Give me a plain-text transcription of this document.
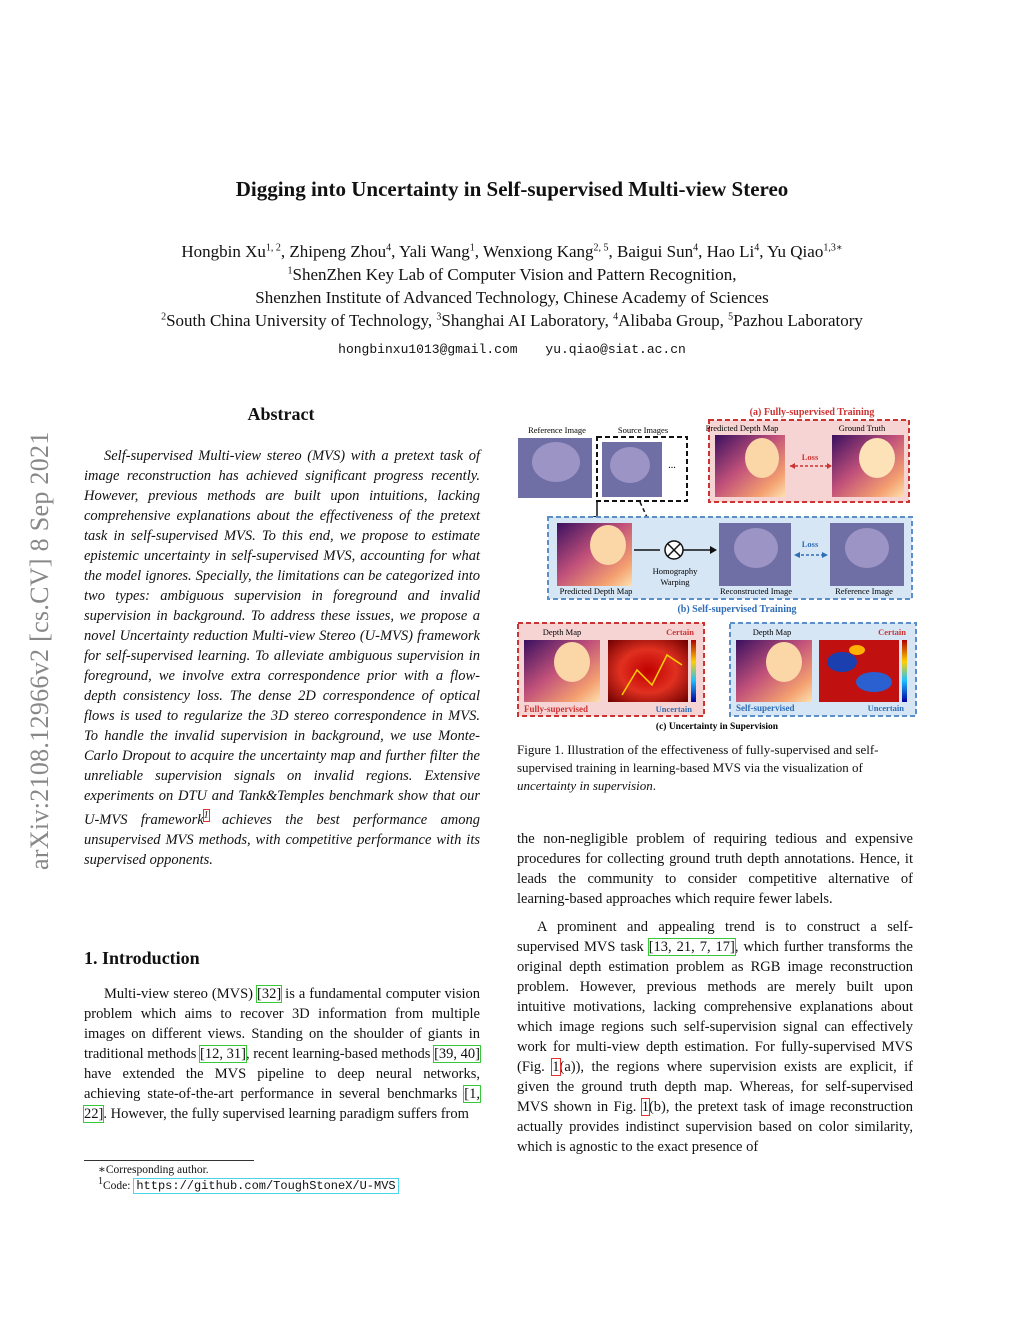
arXiv:2108.12966v2 [cs.CV] 8 Sep 2021
Digging into Uncertainty in Self-supervised Multi-view Stereo
Hongbin Xu$^{1, 2}$, Zhipeng Zhou$^4$, Yali Wang$^1$, Wenxiong Kang$^{2, 5}$, Baigui Sun$^4$, Hao Li$^4$, Yu Qiao$^{1,3∗}$
$^1$ShenZhen Key Lab of Computer Vision and Pattern Recognition,
Shenzhen Institute of Advanced Technology, Chinese Academy of Sciences
$^2$South China University of Technology, $^3$Shanghai AI Laboratory, $^4$Alibaba Group, $^5$Pazhou Laboratory
hongbinxu1013@gmail.com yu.qiao@siat.ac.cn
Abstract

Self-supervised Multi-view stereo (MVS) with a pretext task of image reconstruction has achieved significant progress recently. However, previous methods are built upon intuitions, lacking comprehensive explanations about the effectiveness of the pretext task in self-supervised MVS. To this end, we propose to estimate epistemic uncertainty in self-supervised MVS, accounting for what the model ignores. Specially, the limitations can be categorized into two types: ambiguous supervision in foreground and invalid supervision in background. To address these issues, we propose a novel Uncertainty reduction Multi-view Stereo (U-MVS) framework for self-supervised learning. To alleviate ambiguous supervision in foreground, we involve extra correspondence prior with a flow-depth consistency loss. The dense 2D correspondence of optical flows is used to regularize the 3D stereo correspondence in MVS. To handle the invalid supervision in background, we use Monte-Carlo Dropout to acquire the uncertainty map and further filter the unreliable supervision signals on invalid regions. Extensive experiments on DTU and Tank&Temples benchmark show that our U-MVS framework$^1$ achieves the best performance among unsupervised MVS methods, with competitive performance with its supervised opponents.

1. Introduction

Multi-view stereo (MVS) [32] is a fundamental computer vision problem which aims to recover 3D information from multiple images on different views. Standing on the shoulder of giants in traditional methods [12, 31], recent learning-based methods [39, 40] have extended the MVS pipeline to deep neural networks, achieving state-of-the-art performance in several benchmarks [1, 22]. However, the fully supervised learning paradigm suffers from

∗Corresponding author.
$^1$Code: https://github.com/ToughStoneX/U-MVS
(a) Fully-supervised Training
Predicted Depth Map	Ground Truth
Loss
Reference Image	Source Images
...
Predicted Depth Map
Homography
Warping
Reconstructed Image
Loss
Reference Image
(b) Self-supervised Training
Depth Map	Certain
Fully-supervised	Uncertain
Depth Map	Certain
Self-supervised	Uncertain
(c) Uncertainty in Supervision
Figure 1. Illustration of the effectiveness of fully-supervised and self-supervised training in learning-based MVS via the visualization of uncertainty in supervision.

the non-negligible problem of requiring tedious and expensive procedures for collecting ground truth depth annotations. Hence, it leads the community to consider competitive alternative of learning-based approaches which require fewer labels.

A prominent and appealing trend is to construct a self-supervised MVS task [13, 21, 7, 17], which further transforms the original depth estimation problem as RGB image reconstruction problem. However, previous methods are merely built upon intuitive motivations, lacking comprehensive explanations about which image regions such self-supervision signal can effectively work for multi-view depth estimation. For fully-supervised MVS (Fig. 1(a)), the regions where supervision exists are explicit, if given the ground truth depth map. Whereas, for self-supervised MVS shown in Fig. 1(b), the pretext task of image reconstruction actually provides indistinct supervision based on color similarity, which is agnostic to the exact presence of
